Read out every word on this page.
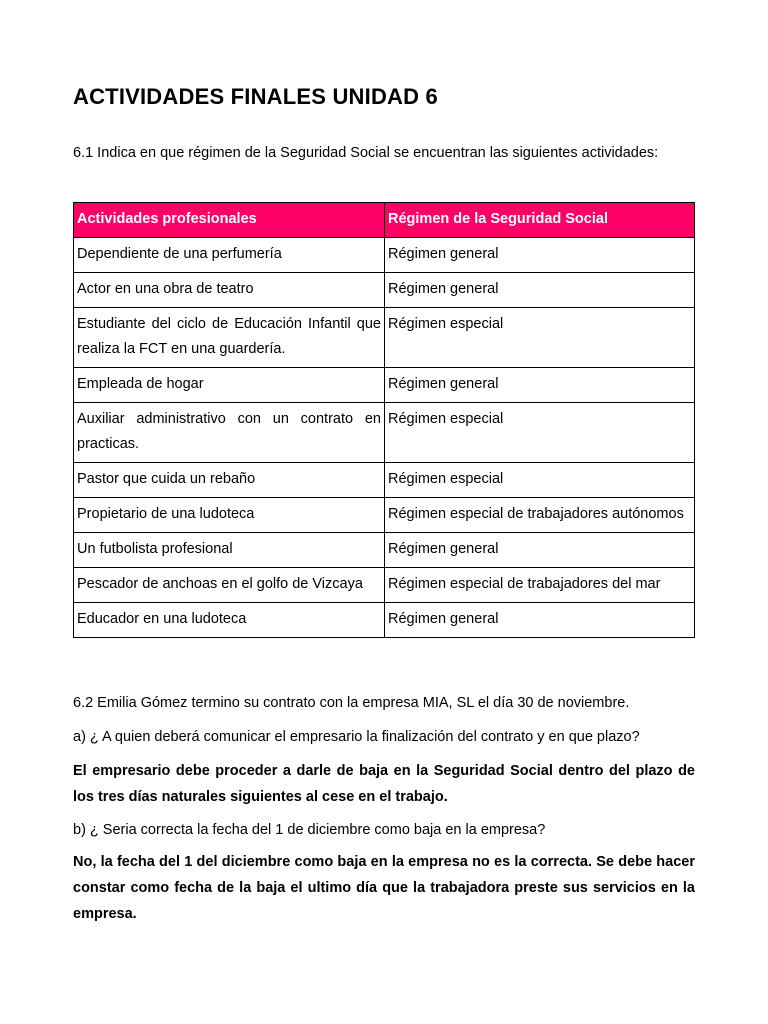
ACTIVIDADES FINALES UNIDAD 6

6.1 Indica en que régimen de la Seguridad Social se encuentran las siguientes actividades:

Actividades profesionales	Régimen de la Seguridad Social
Dependiente de una perfumería	Régimen general
Actor en una obra de teatro	Régimen general
Estudiante del ciclo de Educación Infantil que realiza la FCT en una guardería.	Régimen especial
Empleada de hogar	Régimen general
Auxiliar administrativo con un contrato en practicas.	Régimen especial
Pastor que cuida un rebaño	Régimen especial
Propietario de una ludoteca	Régimen especial de trabajadores autónomos
Un futbolista profesional	Régimen general
Pescador de anchoas en el golfo de Vizcaya	Régimen especial de trabajadores del mar
Educador en una ludoteca	Régimen general

6.2 Emilia Gómez termino su contrato con la empresa MIA, SL el día 30 de noviembre.

a) ¿ A quien deberá comunicar el empresario la finalización del contrato y en que plazo?

El empresario debe proceder a darle de baja en la Seguridad Social dentro del plazo de los tres días naturales siguientes al cese en el trabajo.

b) ¿ Seria correcta la fecha del 1 de diciembre como baja en la empresa?

No, la fecha del 1 del diciembre como baja en la empresa no es la correcta. Se debe hacer constar como fecha de la baja el ultimo día que la trabajadora preste sus servicios en la empresa.
